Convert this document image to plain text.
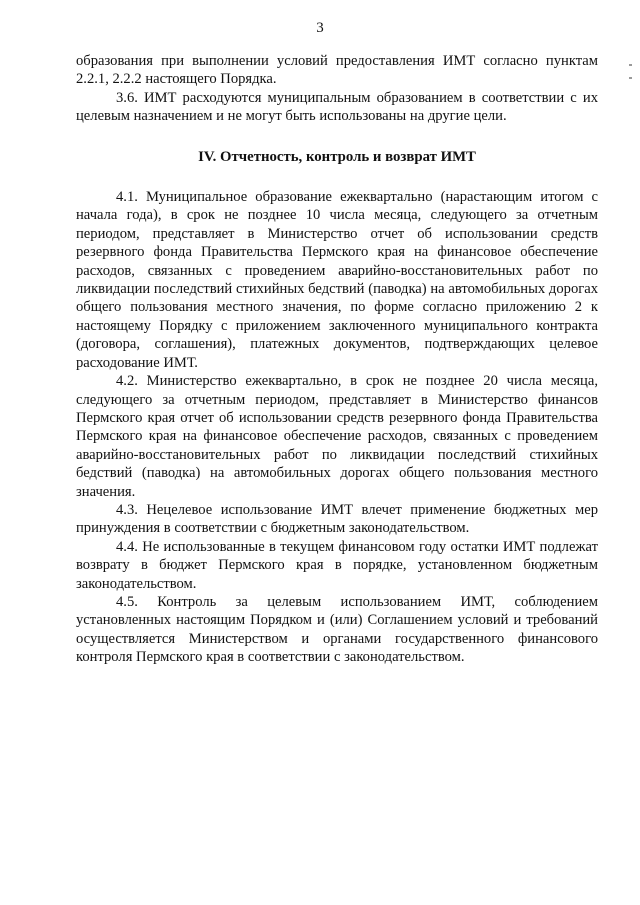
3

образования при выполнении условий предоставления ИМТ согласно пунктам 2.2.1, 2.2.2 настоящего Порядка.

3.6. ИМТ расходуются муниципальным образованием в соответствии с их целевым назначением и не могут быть использованы на другие цели.

IV. Отчетность, контроль и возврат ИМТ

4.1. Муниципальное образование ежеквартально (нарастающим итогом с начала года), в срок не позднее 10 числа месяца, следующего за отчетным периодом, представляет в Министерство отчет об использовании средств резервного фонда Правительства Пермского края на финансовое обеспечение расходов, связанных с проведением аварийно-восстановительных работ по ликвидации последствий стихийных бедствий (паводка) на автомобильных дорогах общего пользования местного значения, по форме согласно приложению 2 к настоящему Порядку с приложением заключенного муниципального контракта (договора, соглашения), платежных документов, подтверждающих целевое расходование ИМТ.

4.2. Министерство ежеквартально, в срок не позднее 20 числа месяца, следующего за отчетным периодом, представляет в Министерство финансов Пермского края отчет об использовании средств резервного фонда Правительства Пермского края на финансовое обеспечение расходов, связанных с проведением аварийно-восстановительных работ по ликвидации последствий стихийных бедствий (паводка) на автомобильных дорогах общего пользования местного значения.

4.3. Нецелевое использование ИМТ влечет применение бюджетных мер принуждения в соответствии с бюджетным законодательством.

4.4. Не использованные в текущем финансовом году остатки ИМТ подлежат возврату в бюджет Пермского края в порядке, установленном бюджетным законодательством.

4.5. Контроль за целевым использованием ИМТ, соблюдением установленных настоящим Порядком и (или) Соглашением условий и требований осуществляется Министерством и органами государственного финансового контроля Пермского края в соответствии с законодательством.
